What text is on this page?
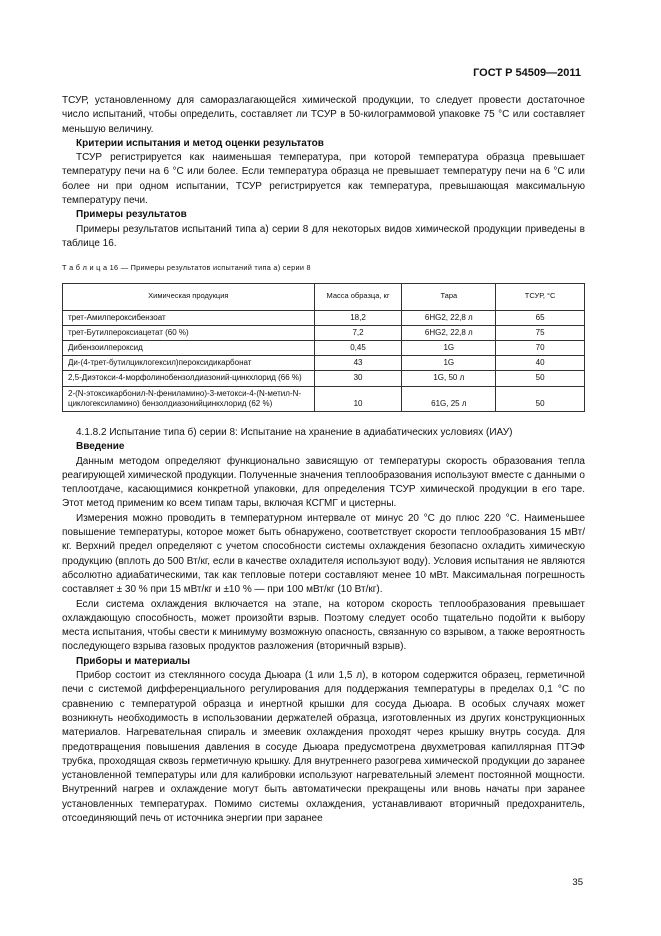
ГОСТ Р 54509—2011

ТСУР, установленному для саморазлагающейся химической продукции, то следует провести достаточное число испытаний, чтобы определить, составляет ли ТСУР в 50-килограммовой упаковке 75 °C или составляет меньшую величину.

Критерии испытания и метод оценки результатов

ТСУР регистрируется как наименьшая температура, при которой температура образца превышает температуру печи на 6 °C или более. Если температура образца не превышает температуру печи на 6 °C или более ни при одном испытании, ТСУР регистрируется как температура, превышающая максимальную температуру печи.

Примеры результатов

Примеры результатов испытаний типа а) серии 8 для некоторых видов химической продукции приведены в таблице 16.

Т а б л и ц а 16 — Примеры результатов испытаний типа а) серии 8
Химическая продукция	Масса образца, кг	Тара	ТСУР, °C
трет-Амилпероксибензоат	18,2	6HG2, 22,8 л	65
трет-Бутилпероксиацетат (60 %)	7,2	6HG2, 22,8 л	75
Дибензоилпероксид	0,45	1G	70
Ди-(4-трет-бутилциклогексил)пероксидикарбонат	43	1G	40
2,5-Диэтокси-4-морфолинобензолдиазоний-цинкхлорид (66 %)	30	1G, 50 л	50
2-(N-этоксикарбонил-N-фениламино)-3-метокси-4-(N-метил-N-циклогексиламино) бензолдиазонийцинкхлорид (62 %)	10	61G, 25 л	50

4.1.8.2 Испытание типа б) серии 8: Испытание на хранение в адиабатических условиях (ИАУ)

Введение

Данным методом определяют функционально зависящую от температуры скорость образования тепла реагирующей химической продукции. Полученные значения теплообразования используют вместе с данными о теплоотдаче, касающимися конкретной упаковки, для определения ТСУР химической продукции в его таре. Этот метод применим ко всем типам тары, включая КСГМГ и цистерны.

Измерения можно проводить в температурном интервале от минус 20 °C до плюс 220 °C. Наименьшее повышение температуры, которое может быть обнаружено, соответствует скорости теплообразования 15 мВт/кг. Верхний предел определяют с учетом способности системы охлаждения безопасно охладить химическую продукцию (вплоть до 500 Вт/кг, если в качестве охладителя используют воду). Условия испытания не являются абсолютно адиабатическими, так как тепловые потери составляют менее 10 мВт. Максимальная погрешность составляет ± 30 % при 15 мВт/кг и ±10 % — при 100 мВт/кг (10 Вт/кг).

Если система охлаждения включается на этапе, на котором скорость теплообразования превышает охлаждающую способность, может произойти взрыв. Поэтому следует особо тщательно подойти к выбору места испытания, чтобы свести к минимуму возможную опасность, связанную со взрывом, а также вероятность последующего взрыва газовых продуктов разложения (вторичный взрыв).

Приборы и материалы

Прибор состоит из стеклянного сосуда Дьюара (1 или 1,5 л), в котором содержится образец, герметичной печи с системой дифференциального регулирования для поддержания температуры в пределах 0,1 °C по сравнению с температурой образца и инертной крышки для сосуда Дьюара. В особых случаях может возникнуть необходимость в использовании держателей образца, изготовленных из других конструкционных материалов. Нагревательная спираль и змеевик охлаждения проходят через крышку внутрь сосуда. Для предотвращения повышения давления в сосуде Дьюара предусмотрена двухметровая капиллярная ПТЭФ трубка, проходящая сквозь герметичную крышку. Для внутреннего разогрева химической продукции до заранее установленной температуры или для калибровки используют нагревательный элемент постоянной мощности. Внутренний нагрев и охлаждение могут быть автоматически прекращены или вновь начаты при заранее установленных температурах. Помимо системы охлаждения, устанавливают вторичный предохранитель, отсоединяющий печь от источника энергии при заранее

35
